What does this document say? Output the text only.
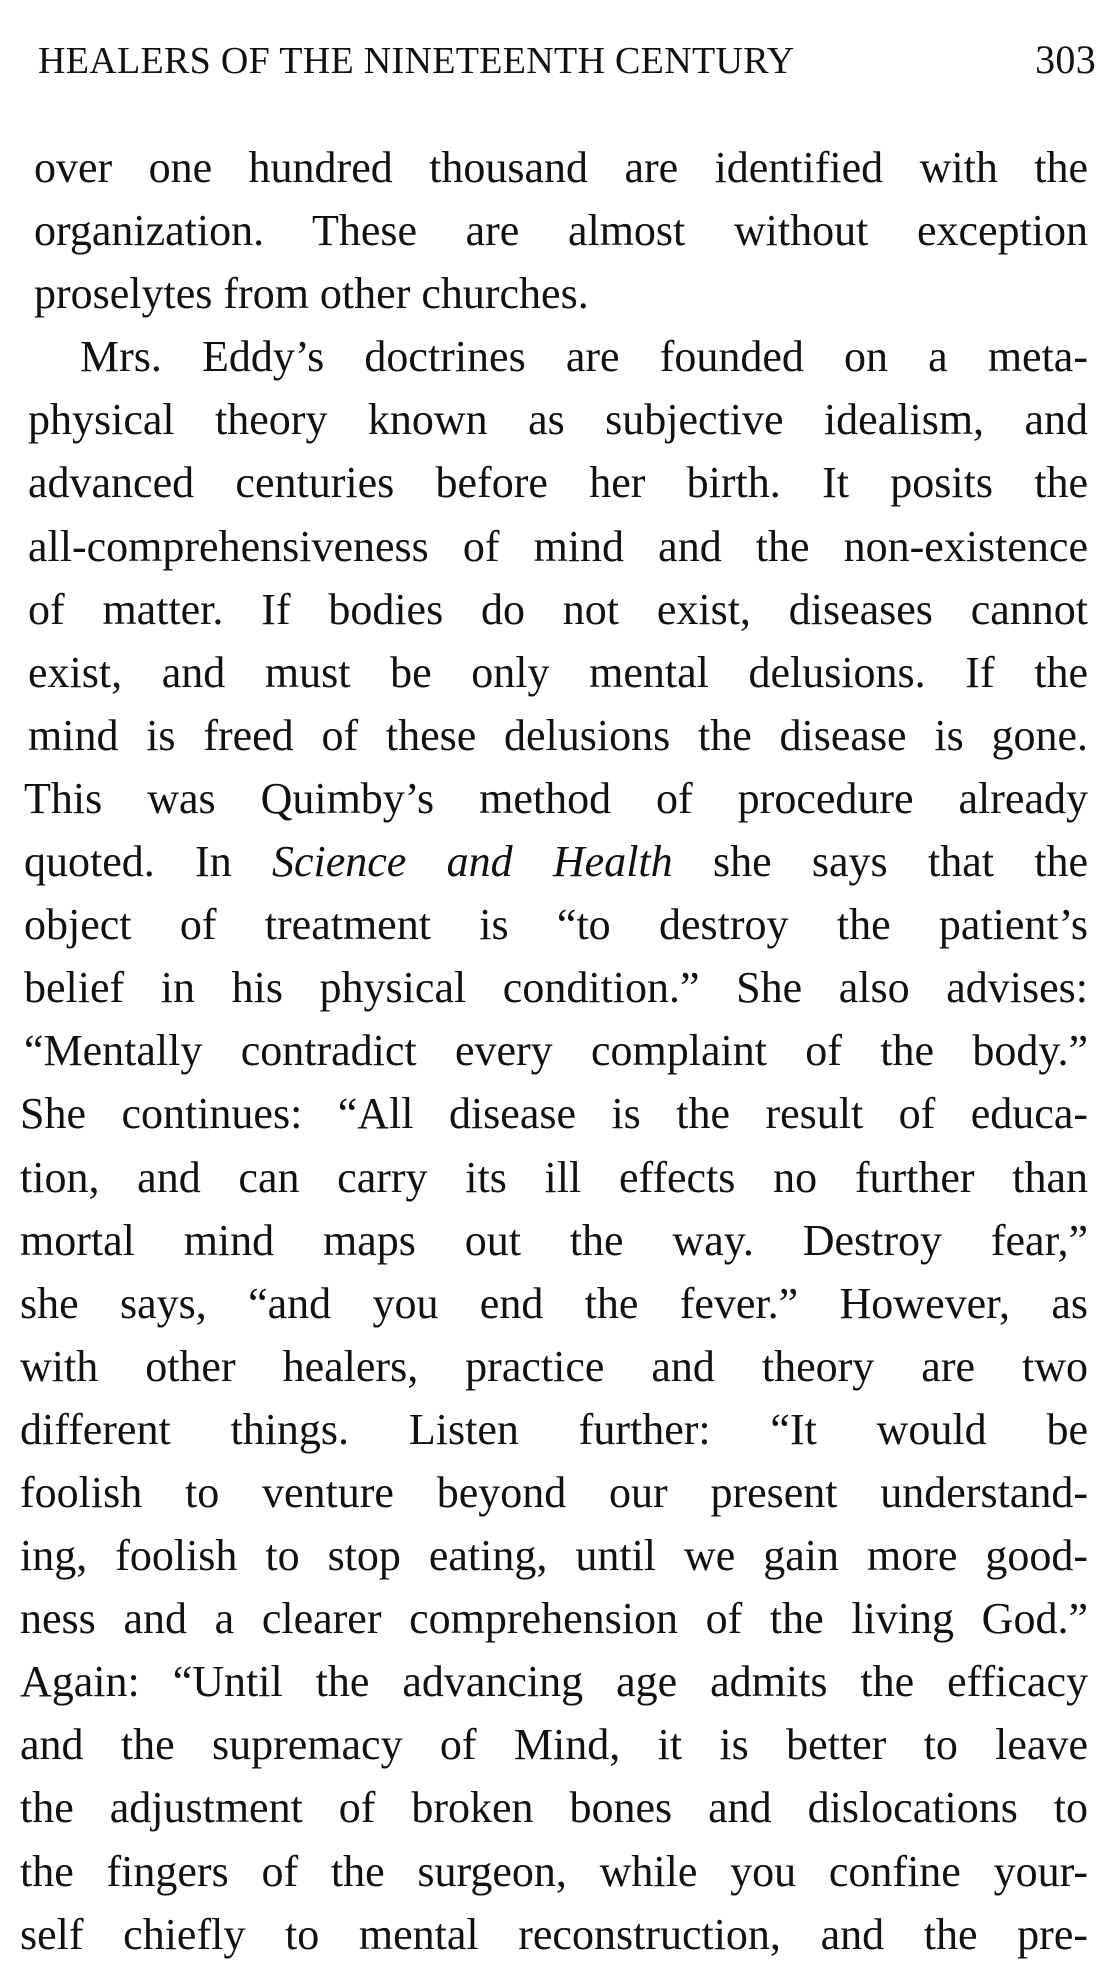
HEALERS OF THE NINETEENTH CENTURY	303
over one hundred thousand are identified with the
organization. These are almost without exception
proselytes from other churches.
Mrs. Eddy’s doctrines are founded on a meta-
physical theory known as subjective idealism, and
advanced centuries before her birth. It posits the
all-comprehensiveness of mind and the non-existence
of matter. If bodies do not exist, diseases cannot
exist, and must be only mental delusions. If the
mind is freed of these delusions the disease is gone.
This was Quimby’s method of procedure already
quoted. In Science and Health she says that the
object of treatment is “to destroy the patient’s
belief in his physical condition.” She also advises:
“Mentally contradict every complaint of the body.”
She continues: “All disease is the result of educa-
tion, and can carry its ill effects no further than
mortal mind maps out the way. Destroy fear,”
she says, “and you end the fever.” However, as
with other healers, practice and theory are two
different things. Listen further: “It would be
foolish to venture beyond our present understand-
ing, foolish to stop eating, until we gain more good-
ness and a clearer comprehension of the living God.”
Again: “Until the advancing age admits the efficacy
and the supremacy of Mind, it is better to leave
the adjustment of broken bones and dislocations to
the fingers of the surgeon, while you confine your-
self chiefly to mental reconstruction, and the pre-
